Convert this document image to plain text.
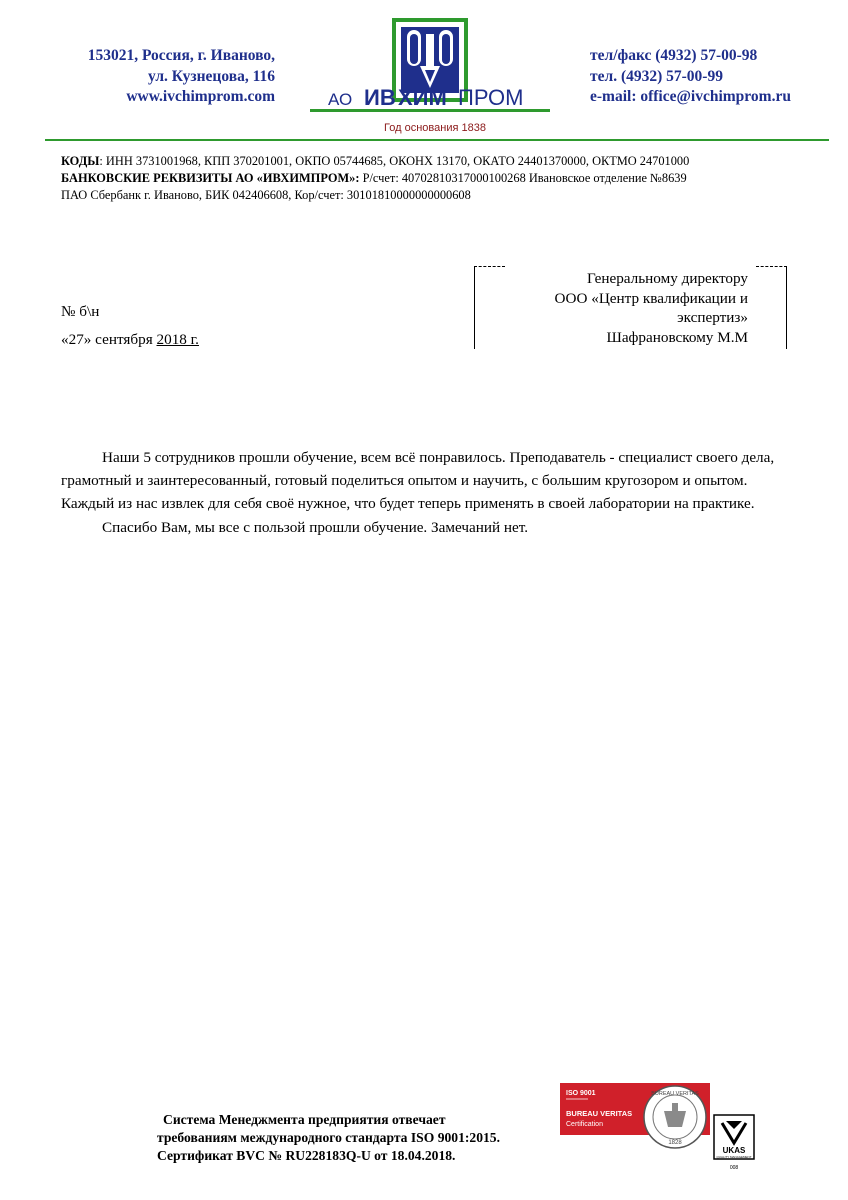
153021, Россия, г. Иваново,
ул. Кузнецова, 116
www.ivchimprom.com	АО ИВ ХИМ ПРОМ
Год основания 1838
тел/факс (4932) 57-00-98
тел. (4932) 57-00-99
e-mail: office@ivchimprom.ru
КОДЫ: ИНН 3731001968, КПП 370201001, ОКПО 05744685, ОКОНХ 13170, ОКАТО 24401370000, ОКТМО 24701000
БАНКОВСКИЕ РЕКВИЗИТЫ АО «ИВХИМПРОМ»: Р/счет: 40702810317000100268 Ивановское отделение №8639
ПАО Сбербанк г. Иваново, БИК 042406608, Кор/счет: 30101810000000000608
Генеральному директору
ООО «Центр квалификации и
экспертиз»
Шафрановскому М.М
№ б\н
«27» сентября 2018 г.

Наши 5 сотрудников прошли обучение, всем всё понравилось. Преподаватель - специалист своего дела, грамотный и заинтересованный, готовый поделиться опытом и научить, с большим кругозором и опытом. Каждый из нас извлек для себя своё нужное, что будет теперь применять в своей лаборатории на практике.

Спасибо Вам, мы все с пользой прошли обучение. Замечаний нет.

Система Менеджмента предприятия отвечает
требованиям международного стандарта ISO 9001:2015.
Сертификат BVC № RU228183Q-U от 18.04.2018.
ISO 9001
BUREAU VERITAS
Certification
BUREAU VERITAS
1828
UKAS
QUALITY MANAGEMENT
008
